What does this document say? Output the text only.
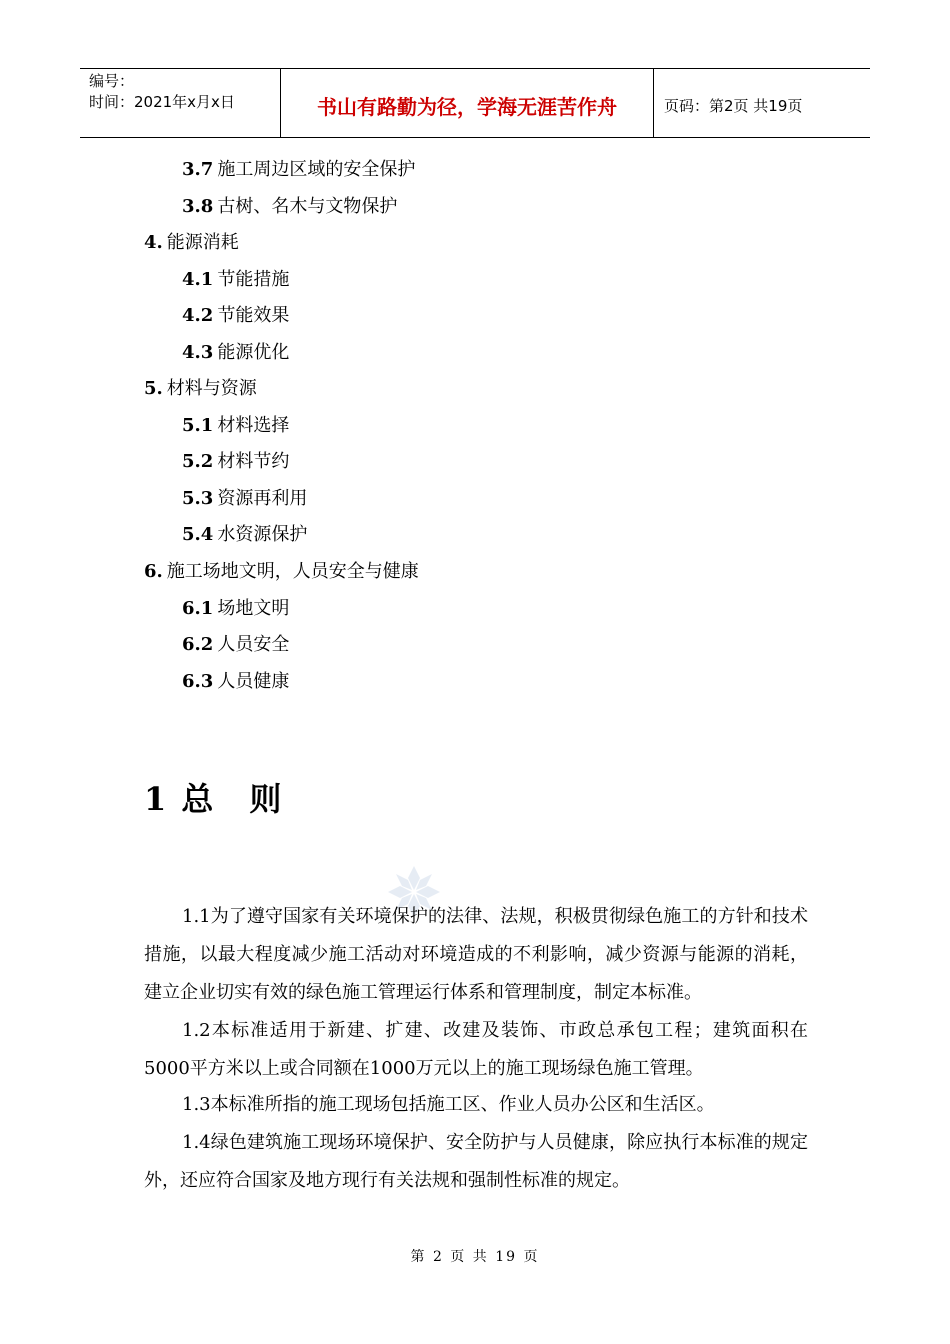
编号：
时间：2021年x月x日	书山有路勤为径，学海无涯苦作舟	页码：第2页 共19页
3.7 施工周边区域的安全保护
3.8 古树、名木与文物保护
4. 能源消耗
4.1 节能措施
4.2 节能效果
4.3 能源优化
5. 材料与资源
5.1 材料选择
5.2 材料节约
5.3 资源再利用
5.4 水资源保护
6. 施工场地文明，人员安全与健康
6.1 场地文明
6.2 人员安全
6.3 人员健康
1 总　则
1.1为了遵守国家有关环境保护的法律、法规，积极贯彻绿色施工的方针和技术措施，以最大程度减少施工活动对环境造成的不利影响，减少资源与能源的消耗，建立企业切实有效的绿色施工管理运行体系和管理制度，制定本标准。
1.2本标准适用于新建、扩建、改建及装饰、市政总承包工程；建筑面积在5000平方米以上或合同额在1000万元以上的施工现场绿色施工管理。
1.3本标准所指的施工现场包括施工区、作业人员办公区和生活区。
1.4绿色建筑施工现场环境保护、安全防护与人员健康，除应执行本标准的规定外，还应符合国家及地方现行有关法规和强制性标准的规定。
第 2 页 共 19 页
